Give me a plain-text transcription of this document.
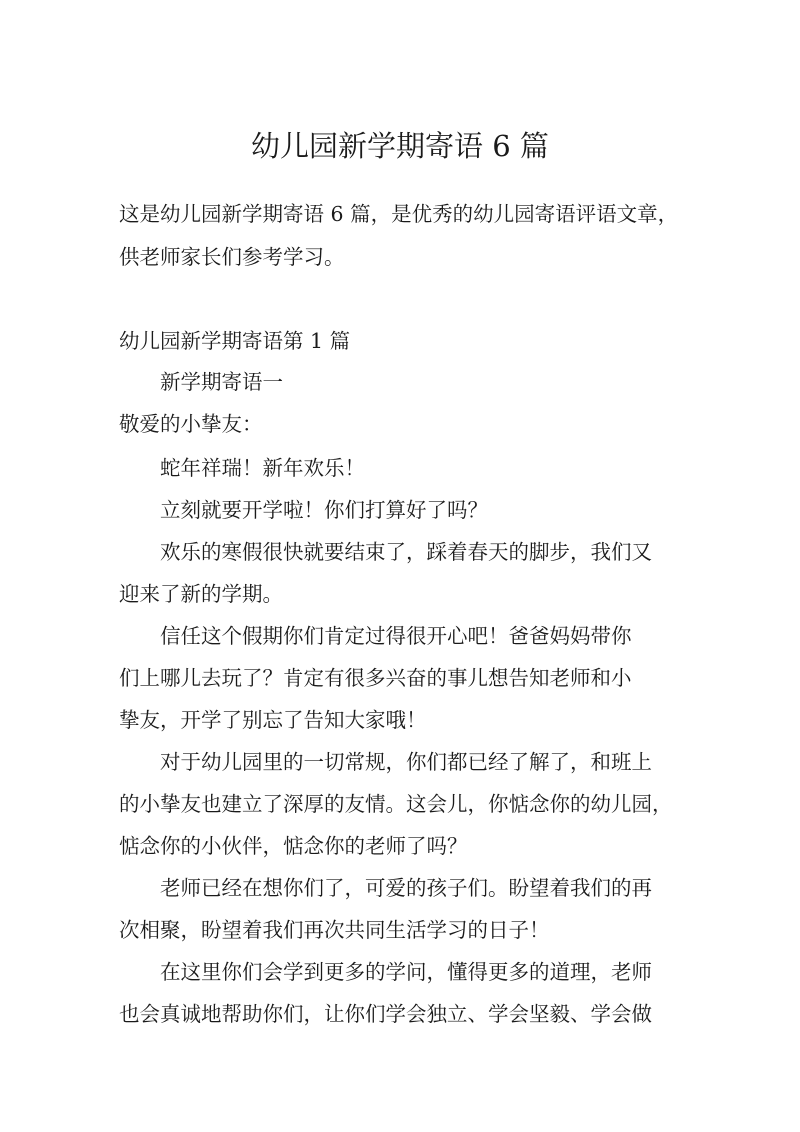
幼儿园新学期寄语 6 篇

这是幼儿园新学期寄语 6 篇，是优秀的幼儿园寄语评语文章，

供老师家长们参考学习。

幼儿园新学期寄语第 1 篇

新学期寄语一

敬爱的小挚友：

蛇年祥瑞！新年欢乐！

立刻就要开学啦！你们打算好了吗？

欢乐的寒假很快就要结束了，踩着春天的脚步，我们又

迎来了新的学期。

信任这个假期你们肯定过得很开心吧！爸爸妈妈带你

们上哪儿去玩了？肯定有很多兴奋的事儿想告知老师和小

挚友，开学了别忘了告知大家哦！

对于幼儿园里的一切常规，你们都已经了解了，和班上

的小挚友也建立了深厚的友情。这会儿，你惦念你的幼儿园，

惦念你的小伙伴，惦念你的老师了吗？

老师已经在想你们了，可爱的孩子们。盼望着我们的再

次相聚，盼望着我们再次共同生活学习的日子！

在这里你们会学到更多的学问，懂得更多的道理，老师

也会真诚地帮助你们，让你们学会独立、学会坚毅、学会做
